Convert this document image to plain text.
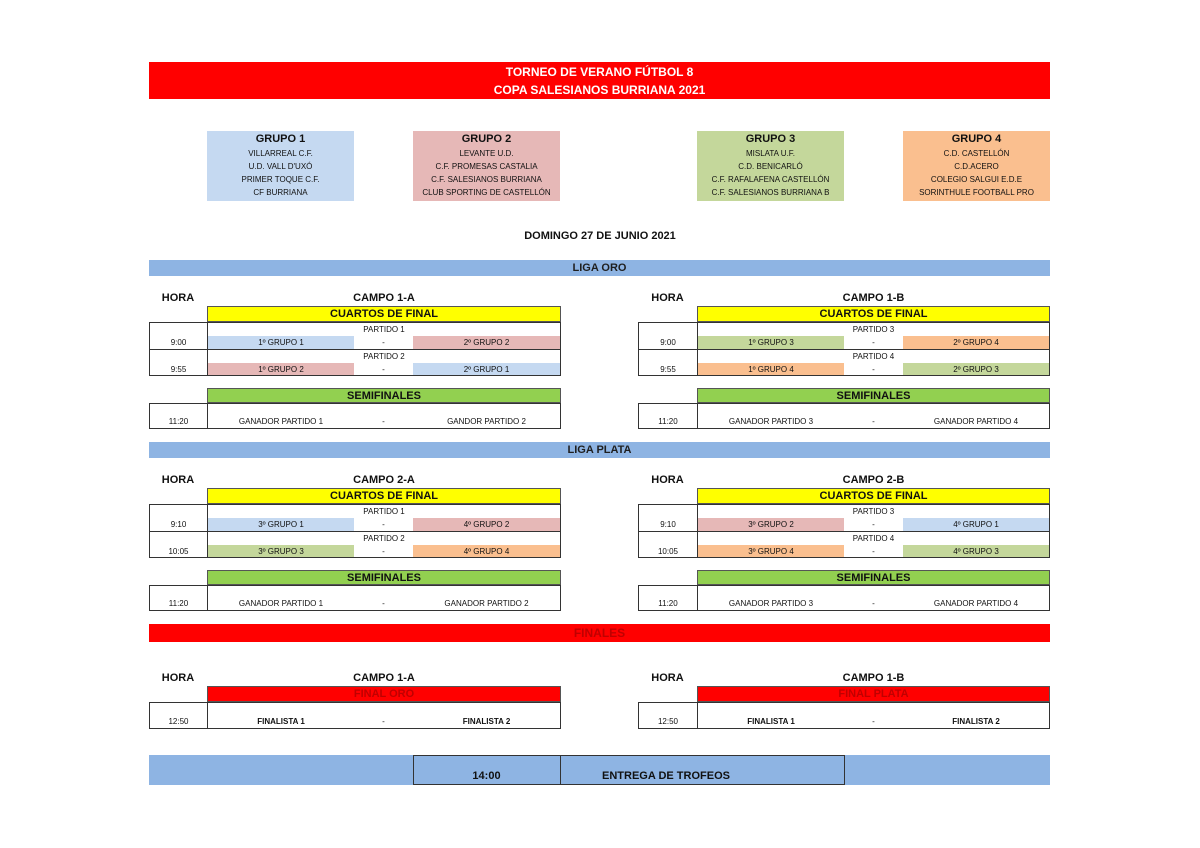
TORNEO DE VERANO FÚTBOL 8
COPA SALESIANOS BURRIANA 2021
GRUPO 1
VILLARREAL C.F.
U.D. VALL D'UXÓ
PRIMER TOQUE C.F.
CF BURRIANA
GRUPO 2
LEVANTE U.D.
C.F. PROMESAS CASTALIA
C.F. SALESIANOS BURRIANA
CLUB SPORTING DE CASTELLÓN
GRUPO 3
MISLATA U.F.
C.D. BENICARLÓ
C.F. RAFALAFENA CASTELLÓN
C.F. SALESIANOS BURRIANA B
GRUPO 4
C.D. CASTELLÓN
C.D.ACERO
COLEGIO SALGUI E.D.E
SORINTHULE FOOTBALL PRO
DOMINGO 27 DE JUNIO 2021
LIGA ORO
HORA	CAMPO 1-A
CUARTOS DE FINAL
PARTIDO 1
9:00	1º GRUPO 1	-	2º GRUPO 2
PARTIDO 2
9:55	1º GRUPO 2	-	2º GRUPO 1
SEMIFINALES
11:20	GANADOR PARTIDO 1	-	GANDOR PARTIDO 2
HORA	CAMPO 1-B
CUARTOS DE FINAL
PARTIDO 3
9:00	1º GRUPO 3	-	2º GRUPO 4
PARTIDO 4
9:55	1º GRUPO 4	-	2º GRUPO 3
SEMIFINALES
11:20	GANADOR PARTIDO 3	-	GANADOR PARTIDO 4
LIGA PLATA
HORA	CAMPO 2-A
CUARTOS DE FINAL
PARTIDO 1
9:10	3º GRUPO 1	-	4º GRUPO 2
PARTIDO 2
10:05	3º GRUPO 3	-	4º GRUPO 4
SEMIFINALES
11:20	GANADOR PARTIDO 1	-	GANADOR PARTIDO 2
HORA	CAMPO 2-B
CUARTOS DE FINAL
PARTIDO 3
9:10	3º GRUPO 2	-	4º GRUPO 1
PARTIDO 4
10:05	3º GRUPO 4	-	4º GRUPO 3
SEMIFINALES
11:20	GANADOR PARTIDO 3	-	GANADOR PARTIDO 4
FINALES
HORA	CAMPO 1-A
FINAL ORO
12:50	FINALISTA 1	-	FINALISTA 2
HORA	CAMPO 1-B
FINAL PLATA
12:50	FINALISTA 1	-	FINALISTA 2
14:00	ENTREGA DE TROFEOS
